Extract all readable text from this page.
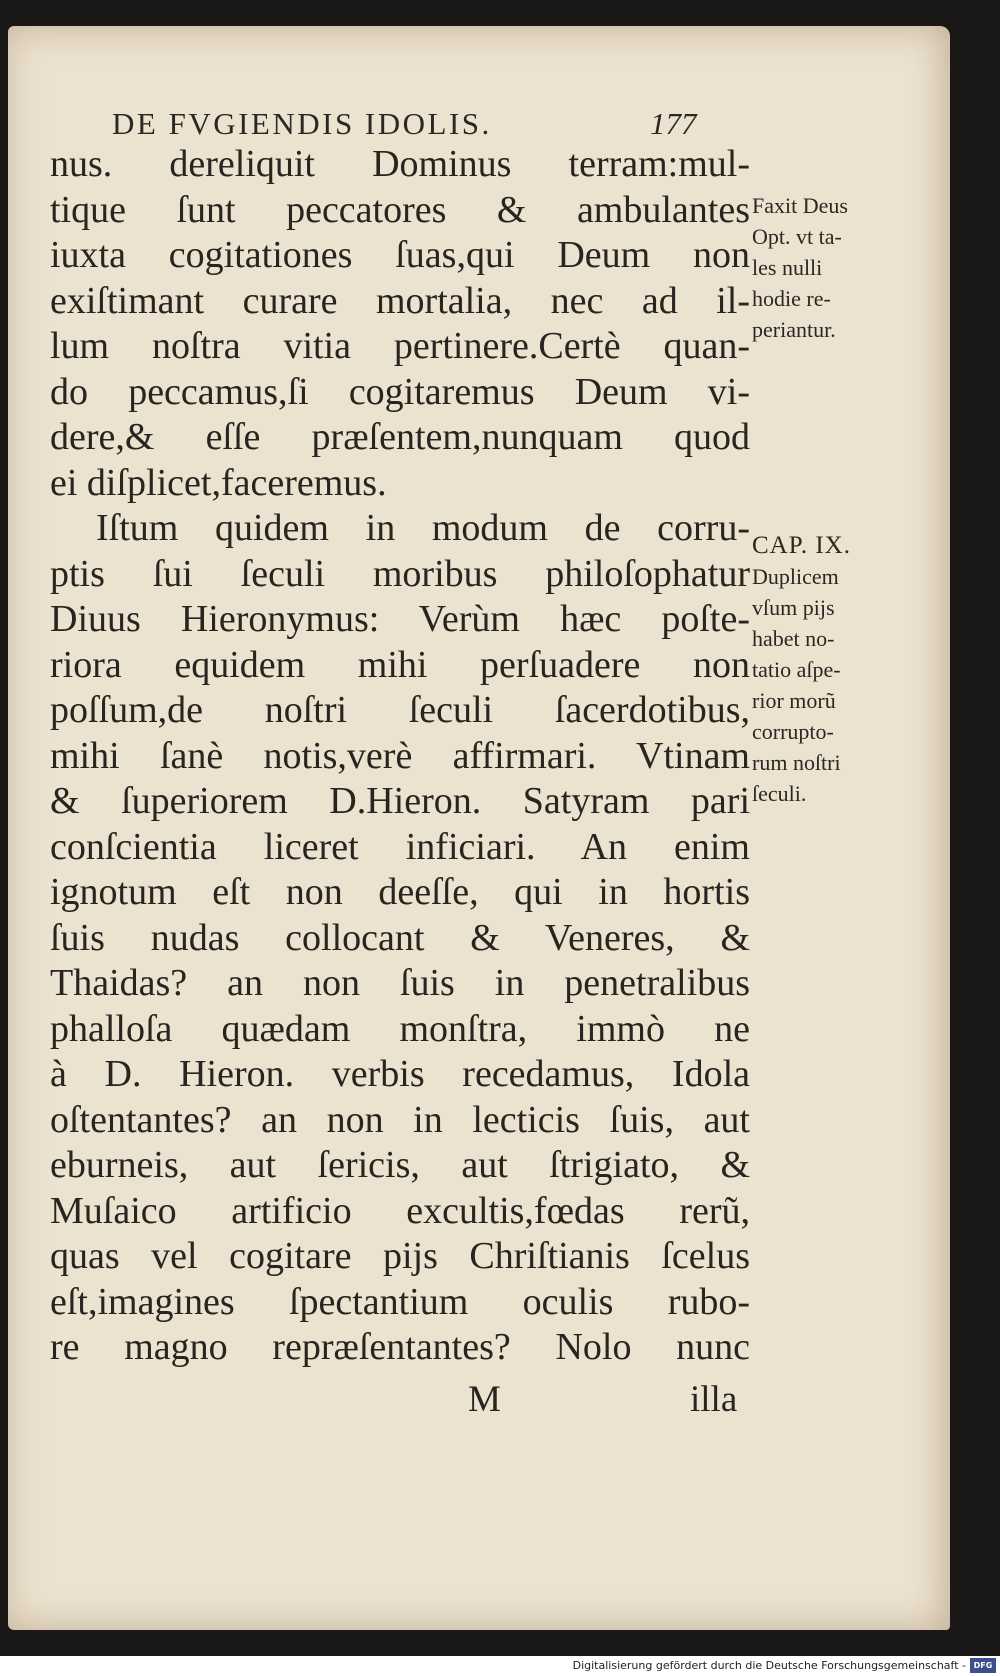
DE FVGIENDIS IDOLIS.	177
nus. dereliquit Dominus terram:mul-
tique ſunt peccatores & ambulantes
iuxta cogitationes ſuas,qui Deum non
exiſtimant curare mortalia, nec ad il-
lum noſtra vitia pertinere.Certè quan-
do peccamus,ſi cogitaremus Deum vi-
dere,& eſſe præſentem,nunquam quod
ei diſplicet,faceremus.
Iſtum quidem in modum de corru-
ptis ſui ſeculi moribus philoſophatur
Diuus Hieronymus: Verùm hæc poſte-
riora equidem mihi perſuadere non
poſſum,de noſtri ſeculi ſacerdotibus,
mihi ſanè notis,verè affirmari. Vtinam
& ſuperiorem D.Hieron. Satyram pari
conſcientia liceret inficiari. An enim
ignotum eſt non deeſſe, qui in hortis
ſuis nudas collocant & Veneres, &
Thaidas? an non ſuis in penetralibus
phalloſa quædam monſtra, immò ne
à D. Hieron. verbis recedamus, Idola
oſtentantes? an non in lecticis ſuis, aut
eburneis, aut ſericis, aut ſtrigiato, &
Muſaico artificio excultis,fœdas rerũ,
quas vel cogitare pijs Chriſtianis ſcelus
eſt,imagines ſpectantium oculis rubo-
re magno repræſentantes? Nolo nunc
Faxit Deus
Opt. vt ta-
les nulli
hodie re-
periantur.
CAP. IX.
Duplicem
vſum pijs
habet no-
tatio aſpe-
rior morũ
corrupto-
rum noſtri
ſeculi.
M	illa
Digitalisierung gefördert durch die Deutsche Forschungsgemeinschaft - DFG
